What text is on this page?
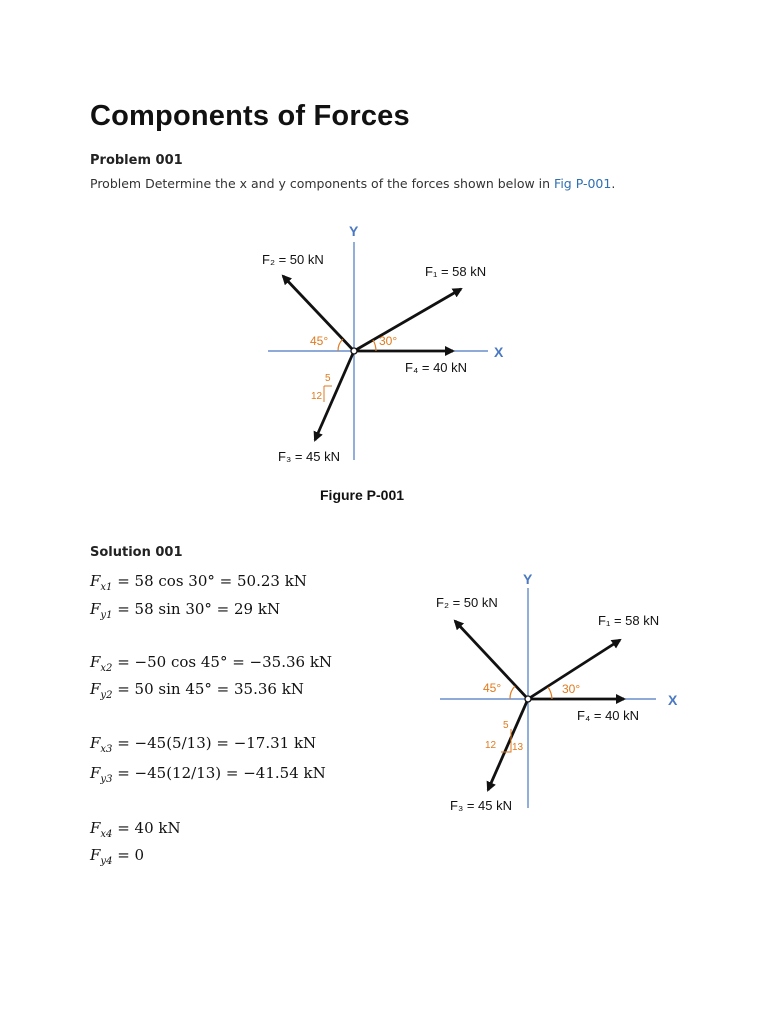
Components of Forces
Problem 001
Problem Determine the x and y components of the forces shown below in Fig P-001.
Y
X
30°
45°
5
12
F₂ = 50 kN
F₁ = 58 kN
F₄ = 40 kN
F₃ = 45 kN
Figure P-001
Solution 001
$F_{x1} = 58$ cos 30° = 50.23 kN
$F_{y1} = 58$ sin 30° = 29 kN
$F_{x2} = -50$ cos 45° = −35.36 kN
$F_{y2} = 50$ sin 45° = 35.36 kN
$F_{x3} = -45(5/13) = -17.31$ kN
$F_{y3} = -45(12/13) = -41.54$ kN
$F_{x4} = 40$ kN
$F_{y4} = 0$
Y
X
30°
45°
5
12 13
F₂ = 50 kN
F₁ = 58 kN
F₄ = 40 kN
F₃ = 45 kN
